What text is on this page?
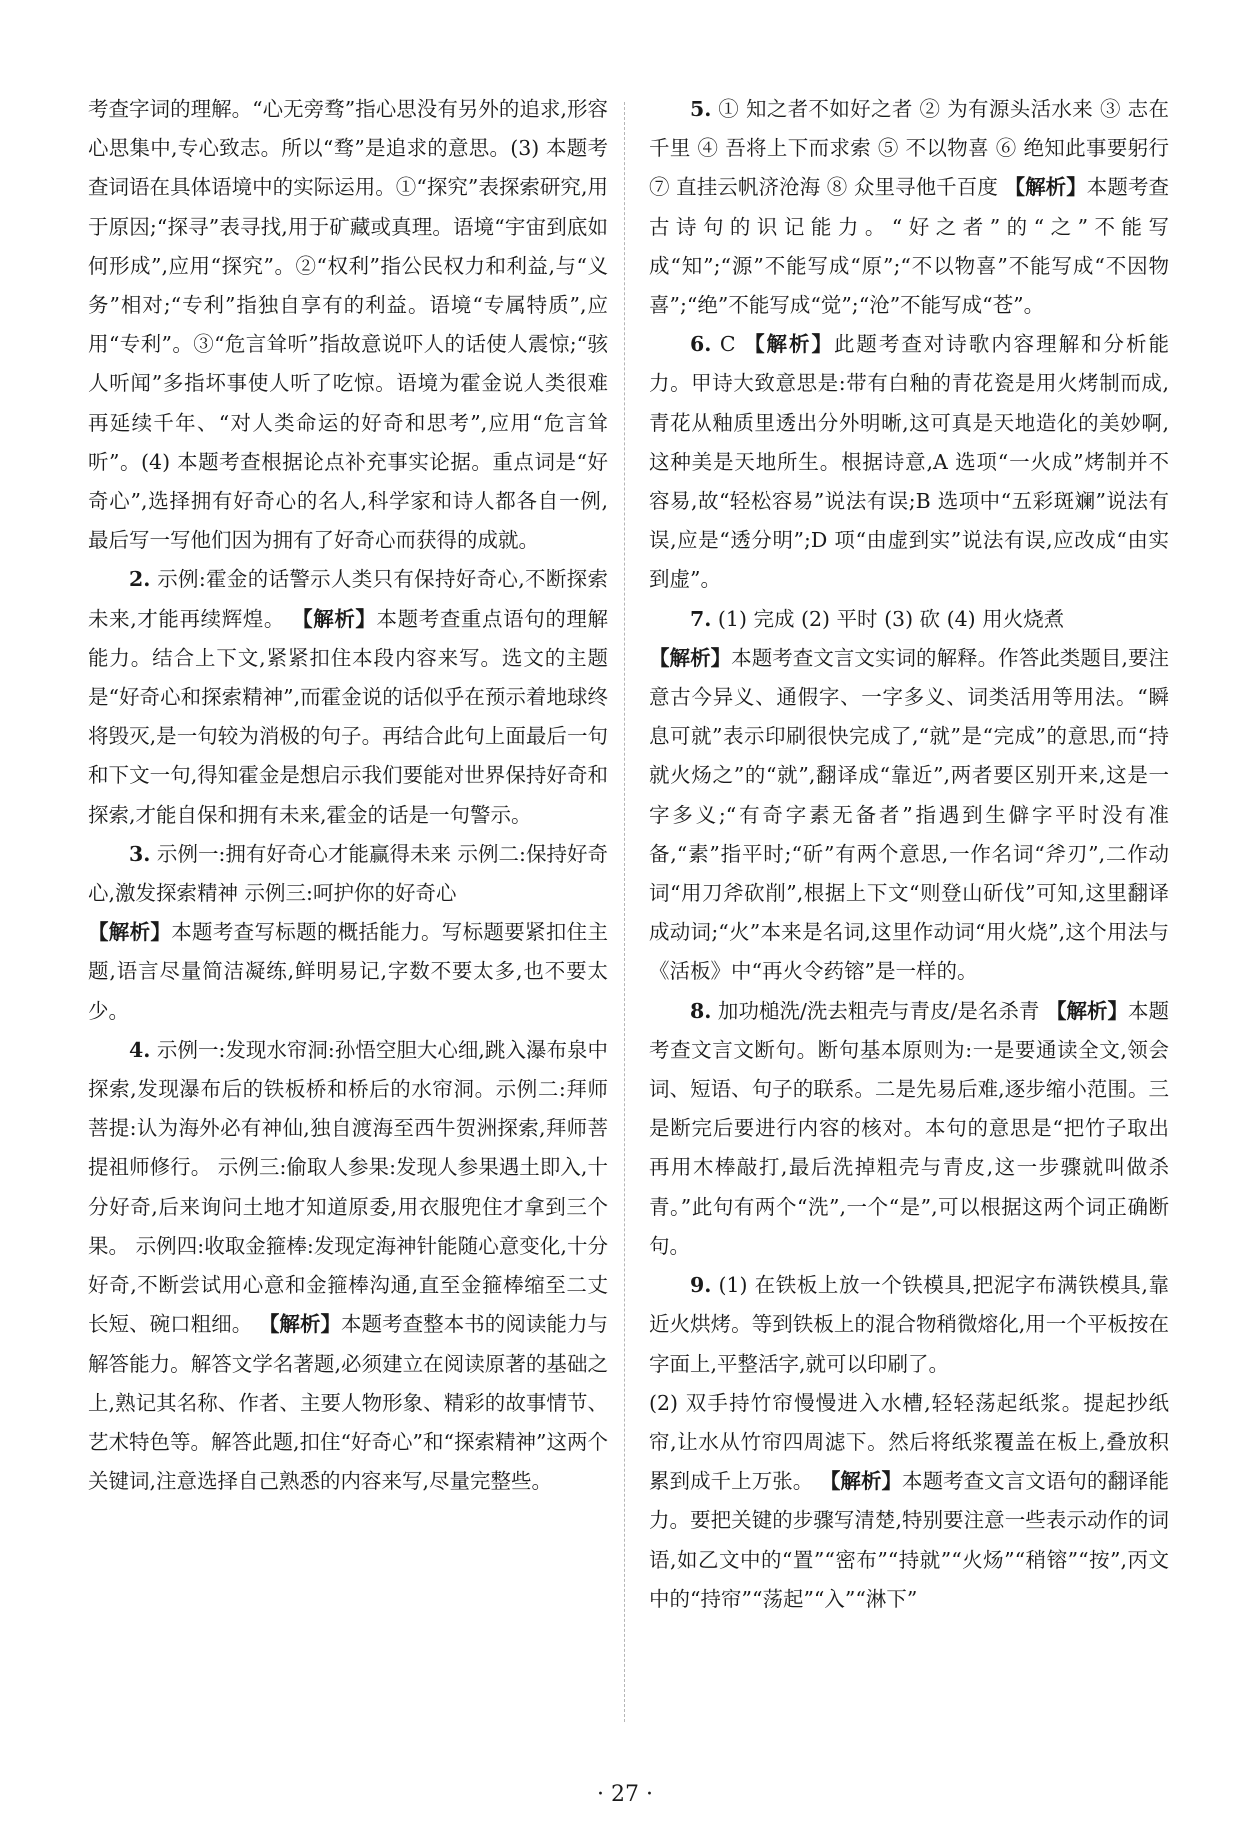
考查字词的理解。“心无旁骛”指心思没有另外的追求,形容心思集中,专心致志。所以“骛”是追求的意思。(3) 本题考查词语在具体语境中的实际运用。①“探究”表探索研究,用于原因;“探寻”表寻找,用于矿藏或真理。语境“宇宙到底如何形成”,应用“探究”。②“权利”指公民权力和利益,与“义务”相对;“专利”指独自享有的利益。语境“专属特质”,应用“专利”。③“危言耸听”指故意说吓人的话使人震惊;“骇人听闻”多指坏事使人听了吃惊。语境为霍金说人类很难再延续千年、“对人类命运的好奇和思考”,应用“危言耸听”。(4) 本题考查根据论点补充事实论据。重点词是“好奇心”,选择拥有好奇心的名人,科学家和诗人都各自一例,最后写一写他们因为拥有了好奇心而获得的成就。

2. 示例:霍金的话警示人类只有保持好奇心,不断探索未来,才能再续辉煌。 【解析】本题考查重点语句的理解能力。结合上下文,紧紧扣住本段内容来写。选文的主题是“好奇心和探索精神”,而霍金说的话似乎在预示着地球终将毁灭,是一句较为消极的句子。再结合此句上面最后一句和下文一句,得知霍金是想启示我们要能对世界保持好奇和探索,才能自保和拥有未来,霍金的话是一句警示。

3. 示例一:拥有好奇心才能赢得未来 示例二:保持好奇心,激发探索精神 示例三:呵护你的好奇心

【解析】本题考查写标题的概括能力。写标题要紧扣住主题,语言尽量简洁凝练,鲜明易记,字数不要太多,也不要太少。

4. 示例一:发现水帘洞:孙悟空胆大心细,跳入瀑布泉中探索,发现瀑布后的铁板桥和桥后的水帘洞。示例二:拜师菩提:认为海外必有神仙,独自渡海至西牛贺洲探索,拜师菩提祖师修行。 示例三:偷取人参果:发现人参果遇土即入,十分好奇,后来询问土地才知道原委,用衣服兜住才拿到三个果。 示例四:收取金箍棒:发现定海神针能随心意变化,十分好奇,不断尝试用心意和金箍棒沟通,直至金箍棒缩至二丈长短、碗口粗细。 【解析】本题考查整本书的阅读能力与解答能力。解答文学名著题,必须建立在阅读原著的基础之上,熟记其名称、作者、主要人物形象、精彩的故事情节、艺术特色等。解答此题,扣住“好奇心”和“探索精神”这两个关键词,注意选择自己熟悉的内容来写,尽量完整些。

5. ① 知之者不如好之者 ② 为有源头活水来 ③ 志在千里 ④ 吾将上下而求索 ⑤ 不以物喜 ⑥ 绝知此事要躬行 ⑦ 直挂云帆济沧海 ⑧ 众里寻他千百度 【解析】本题考查古诗句的识记能力。“好之者”的“之”不能写成“知”;“源”不能写成“原”;“不以物喜”不能写成“不因物喜”;“绝”不能写成“觉”;“沧”不能写成“苍”。

6. C 【解析】此题考查对诗歌内容理解和分析能力。甲诗大致意思是:带有白釉的青花瓷是用火烤制而成,青花从釉质里透出分外明晰,这可真是天地造化的美妙啊,这种美是天地所生。根据诗意,A 选项“一火成”烤制并不容易,故“轻松容易”说法有误;B 选项中“五彩斑斓”说法有误,应是“透分明”;D 项“由虚到实”说法有误,应改成“由实到虚”。

7. (1) 完成 (2) 平时 (3) 砍 (4) 用火烧煮

【解析】本题考查文言文实词的解释。作答此类题目,要注意古今异义、通假字、一字多义、词类活用等用法。“瞬息可就”表示印刷很快完成了,“就”是“完成”的意思,而“持就火炀之”的“就”,翻译成“靠近”,两者要区别开来,这是一字多义;“有奇字素无备者”指遇到生僻字平时没有准备,“素”指平时;“斫”有两个意思,一作名词“斧刃”,二作动词“用刀斧砍削”,根据上下文“则登山斫伐”可知,这里翻译成动词;“火”本来是名词,这里作动词“用火烧”,这个用法与《活板》中“再火令药镕”是一样的。

8. 加功槌洗/洗去粗壳与青皮/是名杀青 【解析】本题考查文言文断句。断句基本原则为:一是要通读全文,领会词、短语、句子的联系。二是先易后难,逐步缩小范围。三是断完后要进行内容的核对。本句的意思是“把竹子取出再用木棒敲打,最后洗掉粗壳与青皮,这一步骤就叫做杀青。”此句有两个“洗”,一个“是”,可以根据这两个词正确断句。

9. (1) 在铁板上放一个铁模具,把泥字布满铁模具,靠近火烘烤。等到铁板上的混合物稍微熔化,用一个平板按在字面上,平整活字,就可以印刷了。

(2) 双手持竹帘慢慢进入水槽,轻轻荡起纸浆。提起抄纸帘,让水从竹帘四周滤下。然后将纸浆覆盖在板上,叠放积累到成千上万张。 【解析】本题考查文言文语句的翻译能力。要把关键的步骤写清楚,特别要注意一些表示动作的词语,如乙文中的“置”“密布”“持就”“火炀”“稍镕”“按”,丙文中的“持帘”“荡起”“入”“淋下”

· 27 ·
